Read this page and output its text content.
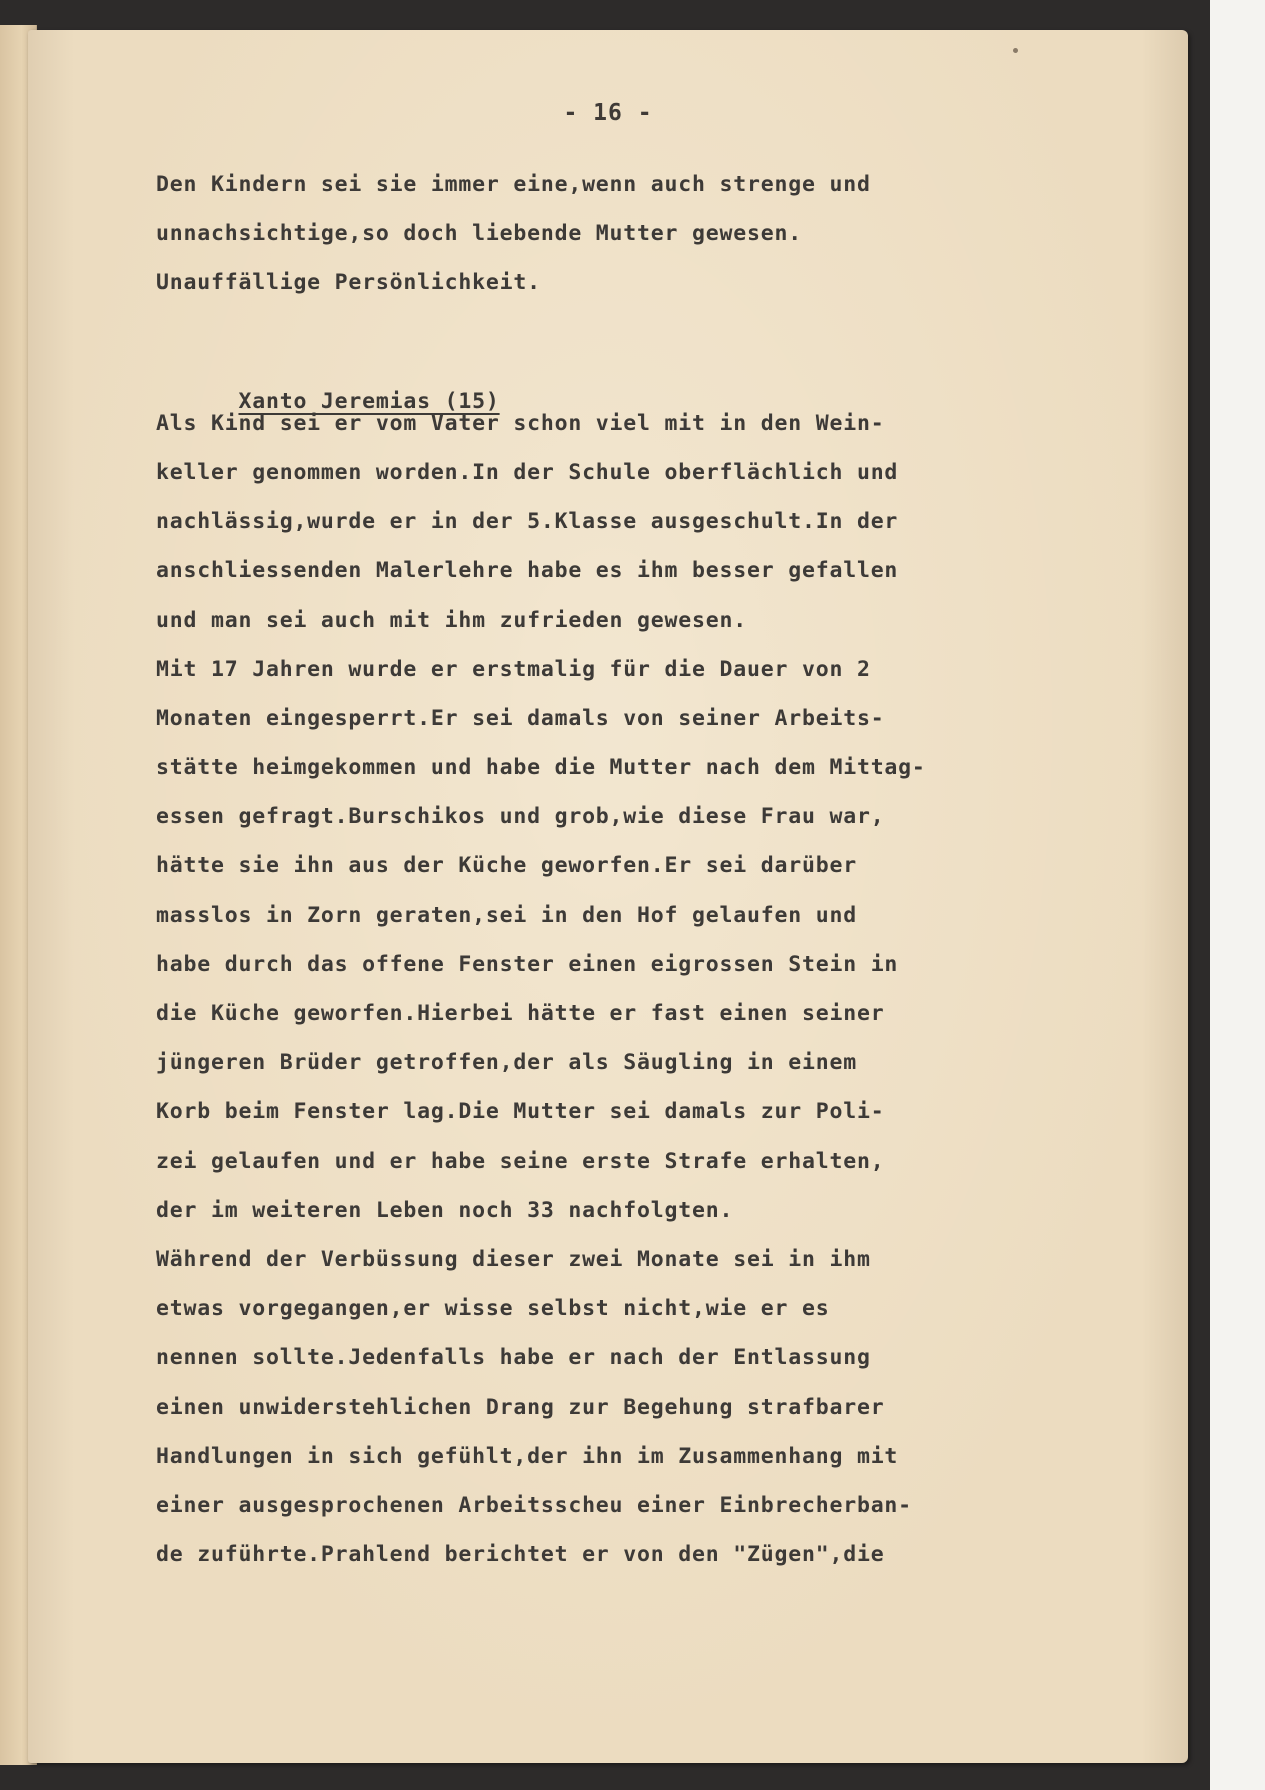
- 16 -
Den Kindern sei sie immer eine,wenn auch strenge und
unnachsichtige,so doch liebende Mutter gewesen.
Unauffällige Persönlichkeit.

Xanto Jeremias (15)

Als Kind sei er vom Vater schon viel mit in den Wein-
keller genommen worden.In der Schule oberflächlich und
nachlässig,wurde er in der 5.Klasse ausgeschult.In der
anschliessenden Malerlehre habe es ihm besser gefallen
und man sei auch mit ihm zufrieden gewesen.
Mit 17 Jahren wurde er erstmalig für die Dauer von 2
Monaten eingesperrt.Er sei damals von seiner Arbeits-
stätte heimgekommen und habe die Mutter nach dem Mittag-
essen gefragt.Burschikos und grob,wie diese Frau war,
hätte sie ihn aus der Küche geworfen.Er sei darüber
masslos in Zorn geraten,sei in den Hof gelaufen und
habe durch das offene Fenster einen eigrossen Stein in
die Küche geworfen.Hierbei hätte er fast einen seiner
jüngeren Brüder getroffen,der als Säugling in einem
Korb beim Fenster lag.Die Mutter sei damals zur Poli-
zei gelaufen und er habe seine erste Strafe erhalten,
der im weiteren Leben noch 33 nachfolgten.
Während der Verbüssung dieser zwei Monate sei in ihm
etwas vorgegangen,er wisse selbst nicht,wie er es
nennen sollte.Jedenfalls habe er nach der Entlassung
einen unwiderstehlichen Drang zur Begehung strafbarer
Handlungen in sich gefühlt,der ihn im Zusammenhang mit
einer ausgesprochenen Arbeitsscheu einer Einbrecherban-
de zuführte.Prahlend berichtet er von den "Zügen",die
